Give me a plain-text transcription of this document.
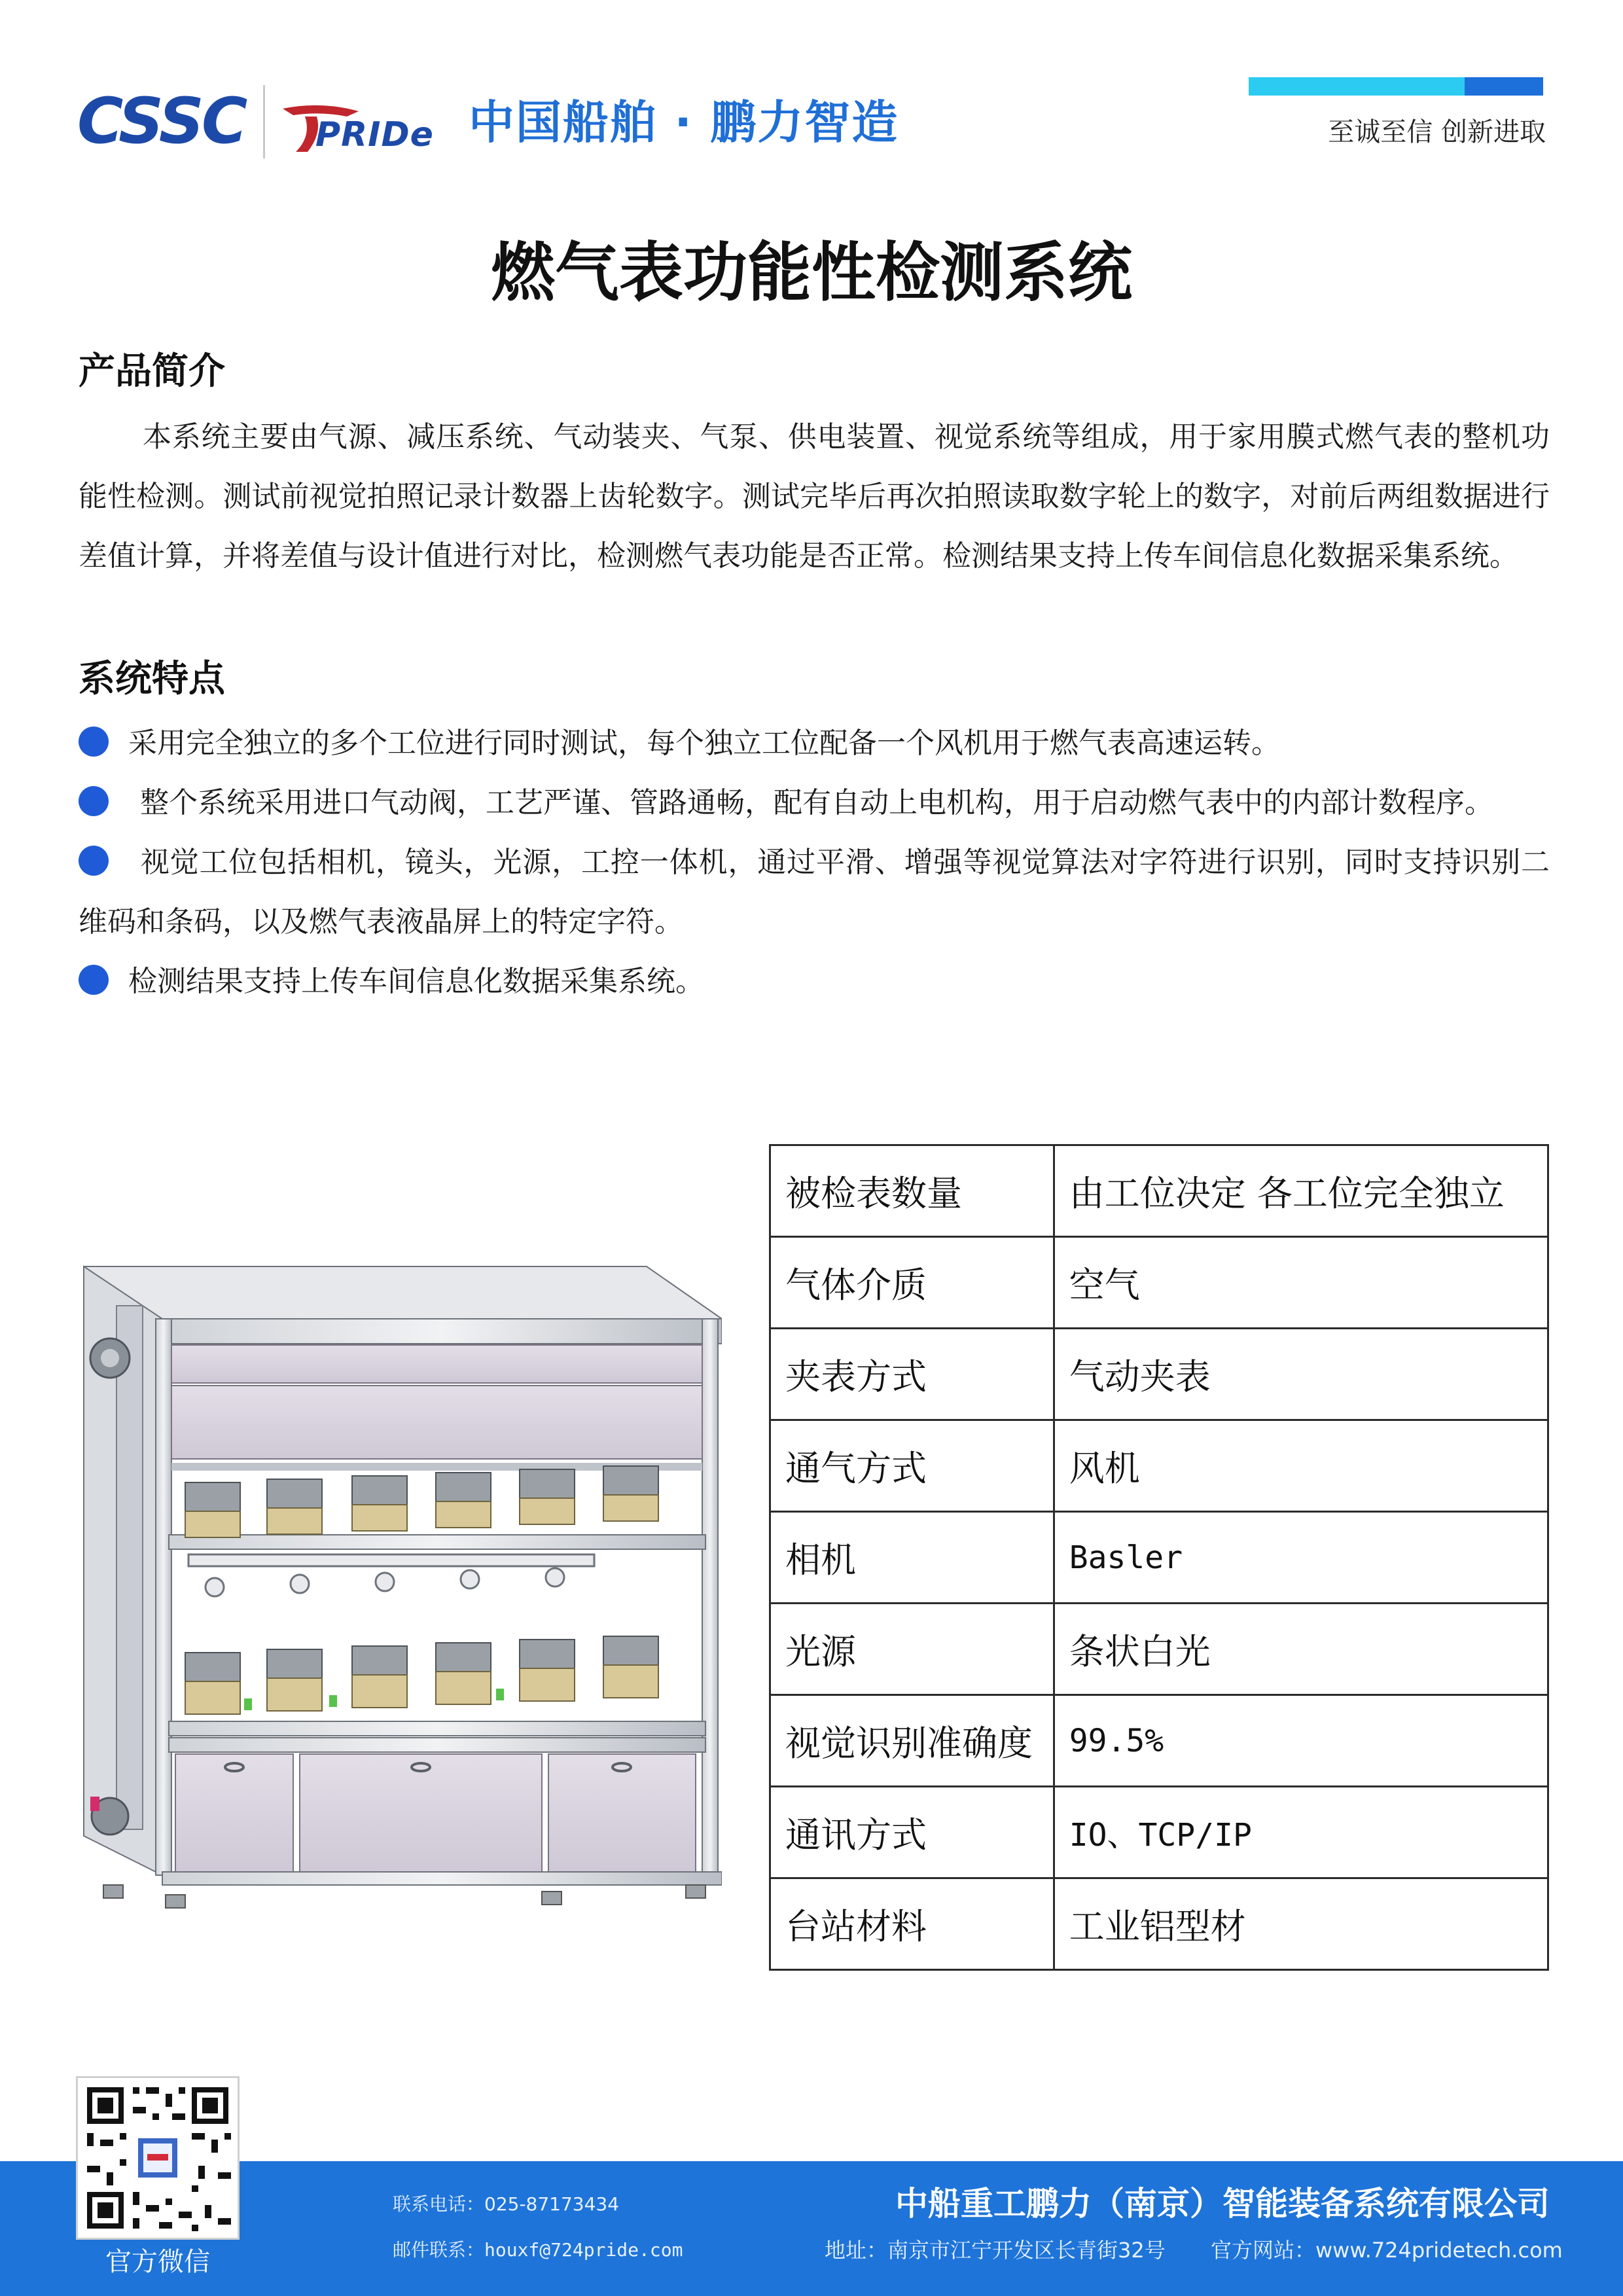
CSSC PRIDe 中国船舶 · 鹏力智造	至诚至信 创新进取
燃气表功能性检测系统
产品简介

本系统主要由气源、减压系统、气动装夹、气泵、供电装置、视觉系统等组成，用于家用膜式燃气表的整机功能性检测。测试前视觉拍照记录计数器上齿轮数字。测试完毕后再次拍照读取数字轮上的数字，对前后两组数据进行差值计算，并将差值与设计值进行对比，检测燃气表功能是否正常。检测结果支持上传车间信息化数据采集系统。

系统特点
采用完全独立的多个工位进行同时测试，每个独立工位配备一个风机用于燃气表高速运转。
整个系统采用进口气动阀，工艺严谨、管路通畅，配有自动上电机构，用于启动燃气表中的内部计数程序。
视觉工位包括相机，镜头，光源，工控一体机，通过平滑、增强等视觉算法对字符进行识别，同时支持识别二维码和条码，以及燃气表液晶屏上的特定字符。
检测结果支持上传车间信息化数据采集系统。
被检表数量	由工位决定 各工位完全独立
气体介质	空气
夹表方式	气动夹表
通气方式	风机
相机	Basler
光源	条状白光
视觉识别准确度	99.5%
通讯方式	IO、TCP/IP
台站材料	工业铝型材
官方微信
联系电话：025-87173434
邮件联系：houxf@724pride.com
中船重工鹏力（南京）智能装备系统有限公司
地址：南京市江宁开发区长青街32号 官方网站：www.724pridetech.com
